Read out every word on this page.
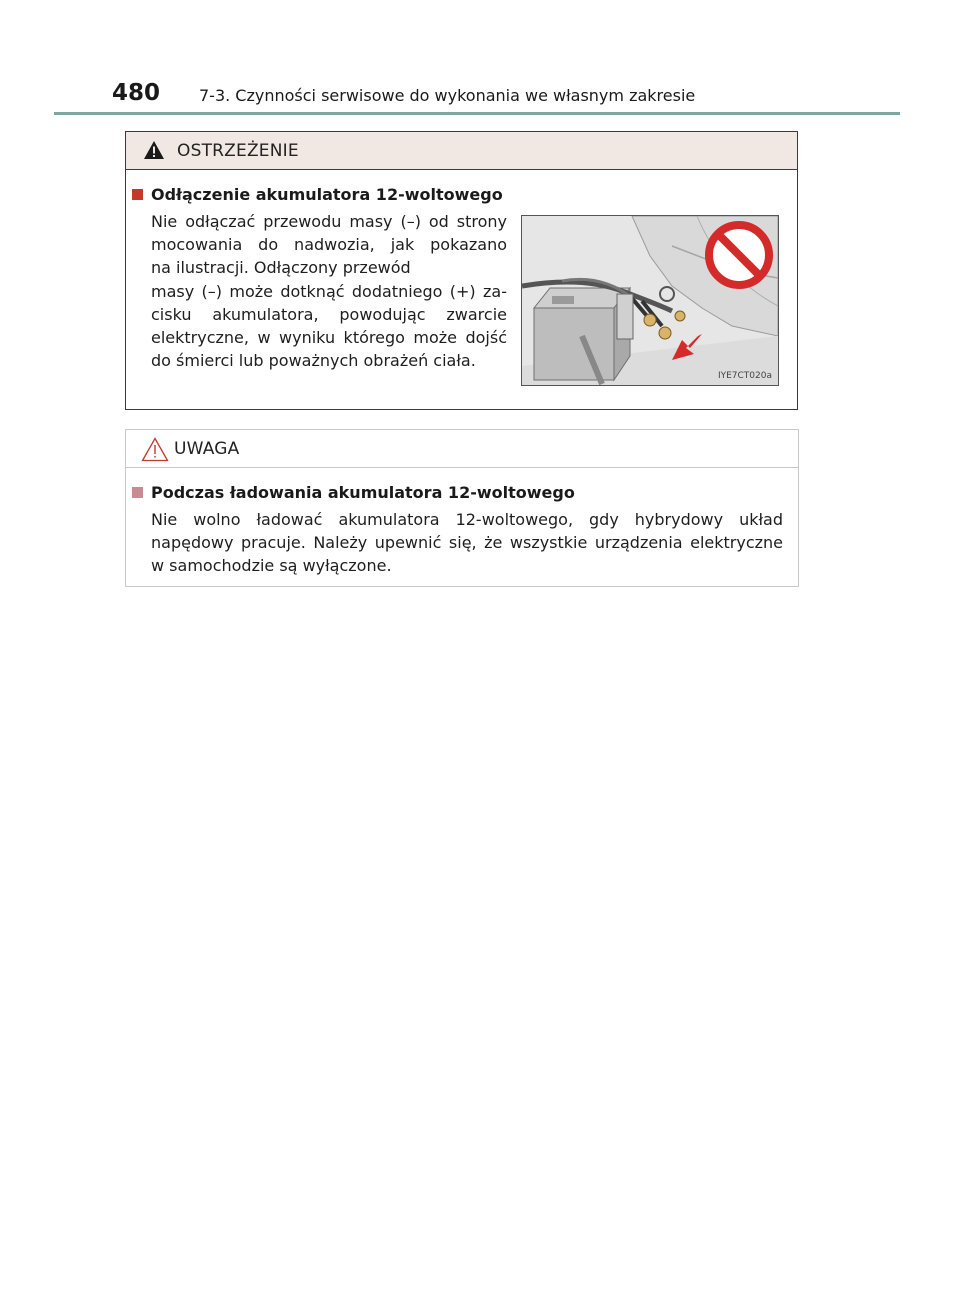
480 7-3. Czynności serwisowe do wykonania we własnym zakresie
OSTRZEŻENIE
Odłączenie akumulatora 12-woltowego
Nie odłączać przewodu masy (–) od strony
mocowania do nadwozia, jak pokazano
na ilustracji. Odłączony przewód
masy (–) może dotknąć dodatniego (+) za-
cisku akumulatora, powodując zwarcie
elektryczne, w wyniku którego może dojść
do śmierci lub poważnych obrażeń ciała.
IYE7CT020a
UWAGA
Podczas ładowania akumulatora 12-woltowego
Nie wolno ładować akumulatora 12-woltowego, gdy hybrydowy układ
napędowy pracuje. Należy upewnić się, że wszystkie urządzenia elektryczne
w samochodzie są wyłączone.
